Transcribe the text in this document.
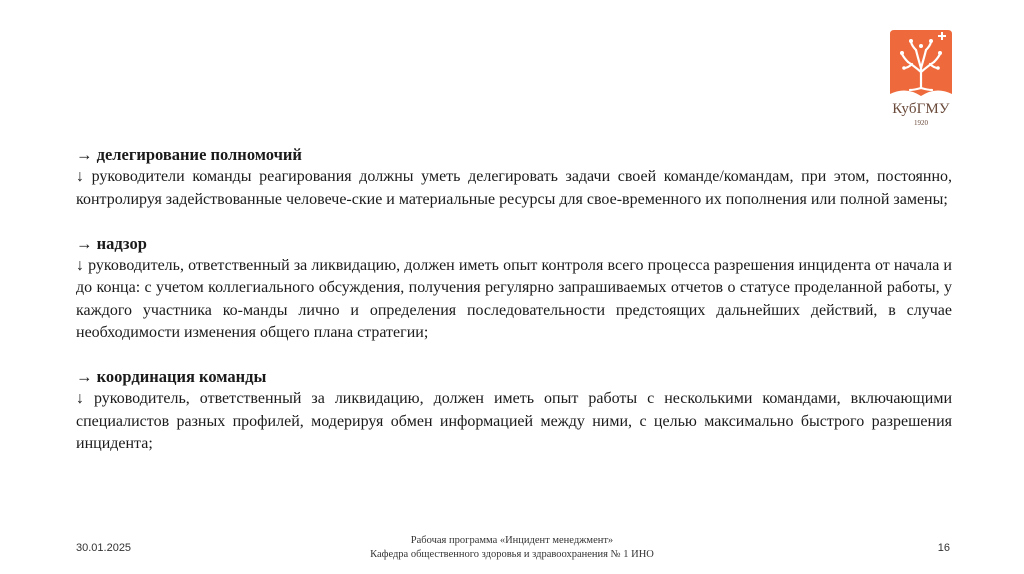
КубГМУ
1920
→ делегирование полномочий

↓ руководители команды реагирования должны уметь делегировать задачи своей команде/командам, при этом, постоянно, контролируя задействованные человече-ские и материальные ресурсы для свое-временного их пополнения или полной замены;

→ надзор

↓ руководитель, ответственный за ликвидацию, должен иметь опыт контроля всего процесса разрешения инцидента от начала и до конца: с учетом коллегиального обсуждения, получения регулярно запрашиваемых отчетов о статусе проделанной работы, у каждого участника ко-манды лично и определения последовательности предстоящих дальнейших действий, в случае необходимости изменения общего плана стратегии;

→ координация команды

↓ руководитель, ответственный за ликвидацию, должен иметь опыт работы с несколькими командами, включающими специалистов разных профилей, модерируя обмен информацией между ними, с целью максимально быстрого разрешения инцидента;

30.01.2025
Рабочая программа «Инцидент менеджмент»
Кафедра общественного здоровья и здравоохранения № 1 ИНО
16
